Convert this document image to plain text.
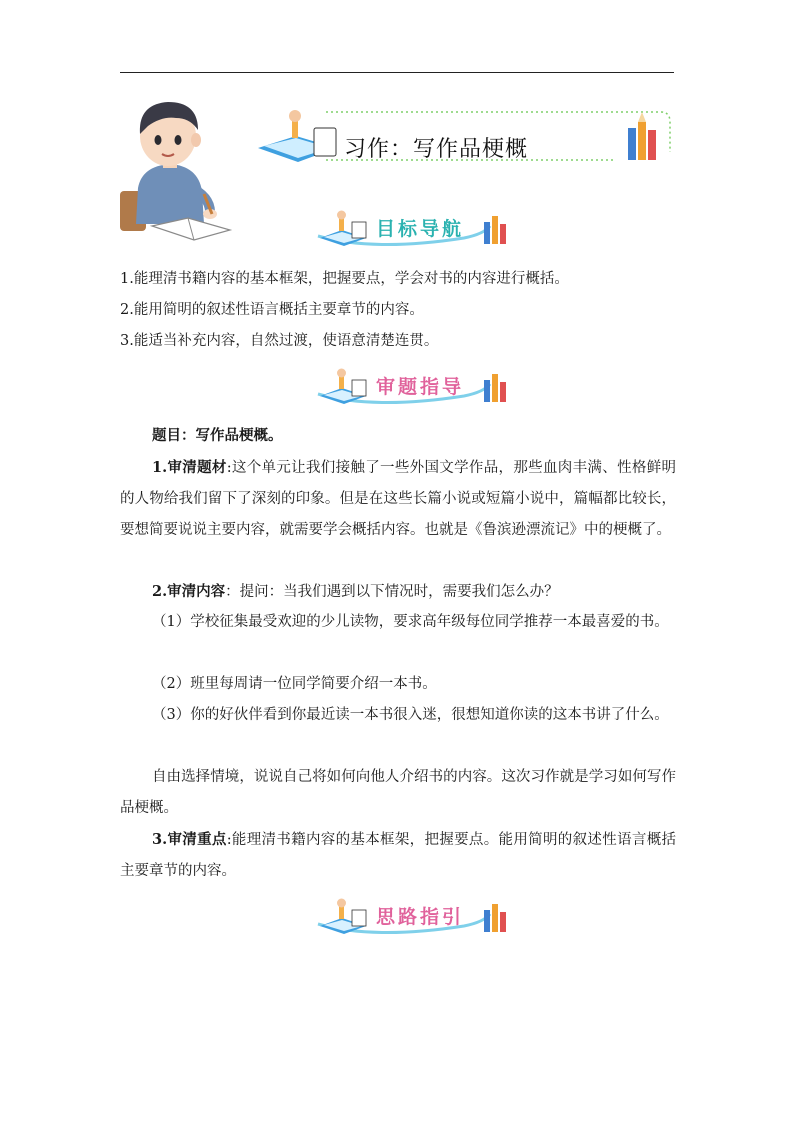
习作：写作品梗概
目标导航

1.能理清书籍内容的基本框架，把握要点，学会对书的内容进行概括。

2.能用简明的叙述性语言概括主要章节的内容。

3.能适当补充内容，自然过渡，使语意清楚连贯。

审题指导

题目：写作品梗概。

1.审清题材:这个单元让我们接触了一些外国文学作品，那些血肉丰满、性格鲜明的人物给我们留下了深刻的印象。但是在这些长篇小说或短篇小说中，篇幅都比较长，要想简要说说主要内容，就需要学会概括内容。也就是《鲁滨逊漂流记》中的梗概了。

2.审清内容：提问：当我们遇到以下情况时，需要我们怎么办？

（1）学校征集最受欢迎的少儿读物，要求高年级每位同学推荐一本最喜爱的书。

（2）班里每周请一位同学简要介绍一本书。

（3）你的好伙伴看到你最近读一本书很入迷，很想知道你读的这本书讲了什么。

自由选择情境，说说自己将如何向他人介绍书的内容。这次习作就是学习如何写作品梗概。

3.审清重点:能理清书籍内容的基本框架，把握要点。能用简明的叙述性语言概括主要章节的内容。

思路指引
